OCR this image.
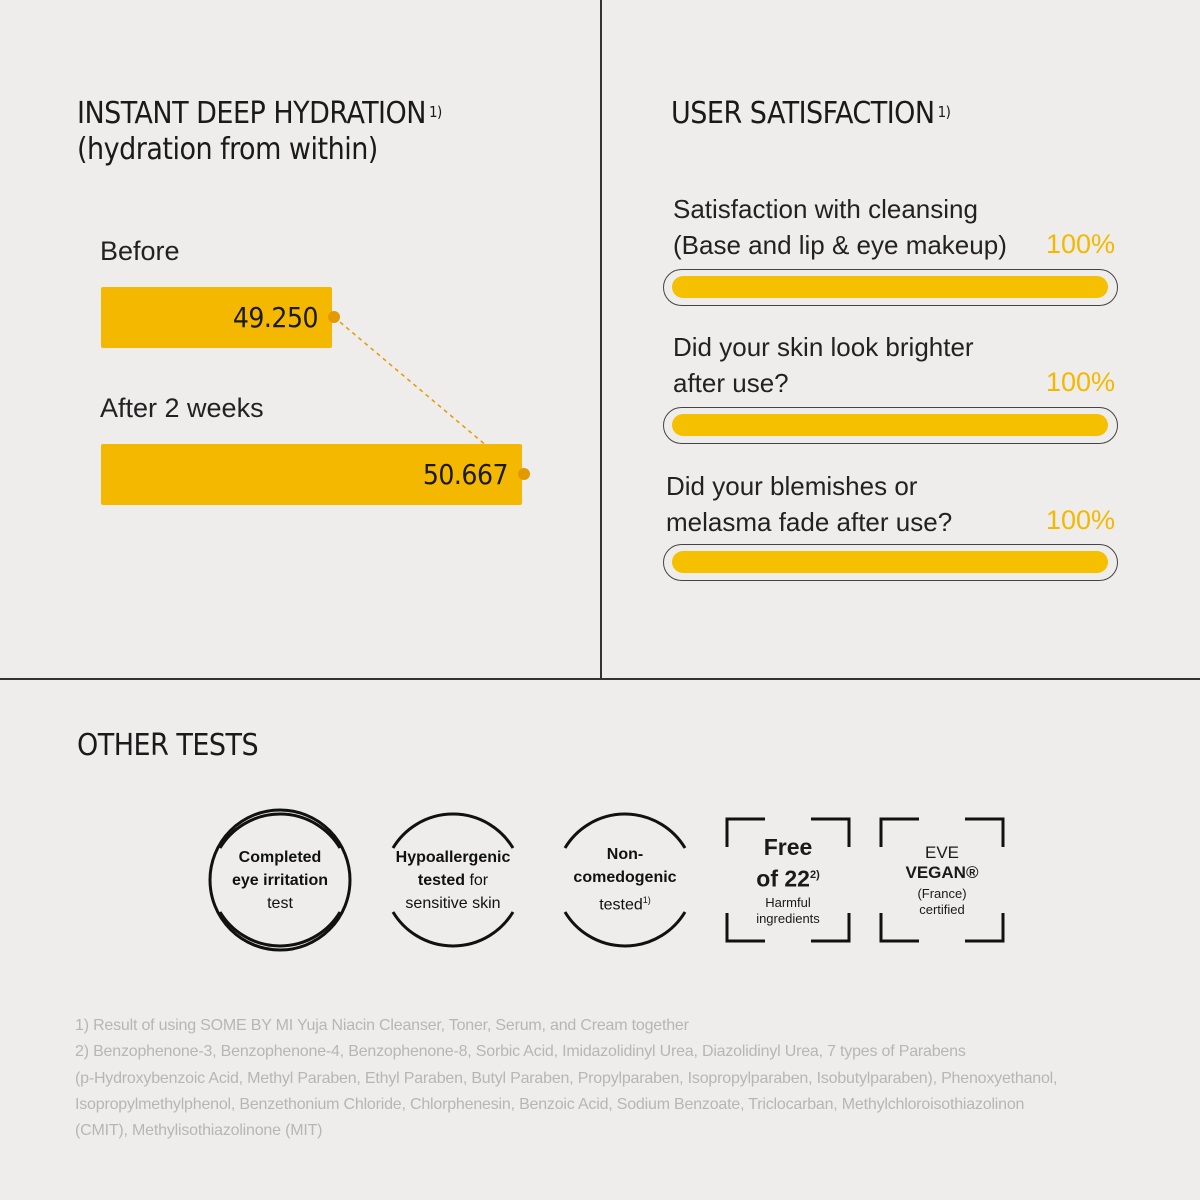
INSTANT DEEP HYDRATION $^{1)}$
(hydration from within)
Before
49.250
After 2 weeks
50.667
USER SATISFACTION $^{1)}$
Satisfaction with cleansing
(Base and lip & eye makeup) 100%
Did your skin look brighter
after use?	100%
Did your blemishes or
melasma fade after use?	100%
OTHER TESTS
Completed
eye irritation
test
Hypoallergenic
tested for
sensitive skin
Non-
comedogenic
tested$^{1)}$
Free
of 22$^{2)}$
Harmful
ingredients
EVE
VEGAN®
(France)
certified
1) Result of using SOME BY MI Yuja Niacin Cleanser, Toner, Serum, and Cream together
2) Benzophenone-3, Benzophenone-4, Benzophenone-8, Sorbic Acid, Imidazolidinyl Urea, Diazolidinyl Urea, 7 types of Parabens
(p-Hydroxybenzoic Acid, Methyl Paraben, Ethyl Paraben, Butyl Paraben, Propylparaben, Isopropylparaben, Isobutylparaben), Phenoxyethanol,
Isopropylmethylphenol, Benzethonium Chloride, Chlorphenesin, Benzoic Acid, Sodium Benzoate, Triclocarban, Methylchloroisothiazolinon
(CMIT), Methylisothiazolinone (MIT)
